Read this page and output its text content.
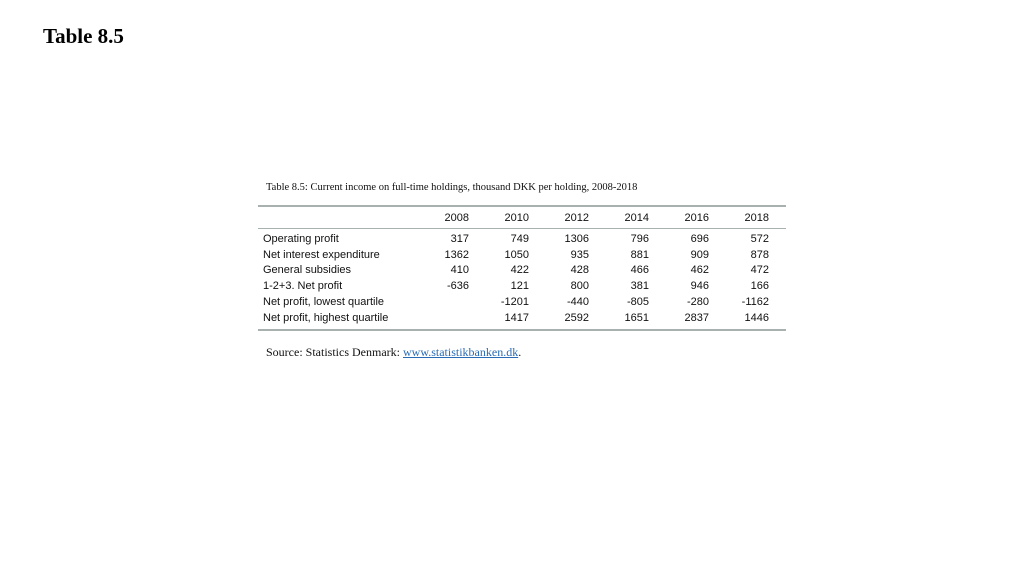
Table 8.5
Table 8.5: Current income on full-time holdings, thousand DKK per holding, 2008-2018
	2008	2010	2012	2014	2016	2018	
Operating profit	317	749	1306	796	696	572	
Net interest expenditure	1362	1050	935	881	909	878	
General subsidies	410	422	428	466	462	472	
1-2+3. Net profit	-636	121	800	381	946	166	
Net profit, lowest quartile		-1201	-440	-805	-280	-1162	
Net profit, highest quartile		1417	2592	1651	2837	1446	
Source: Statistics Denmark: www.statistikbanken.dk.
